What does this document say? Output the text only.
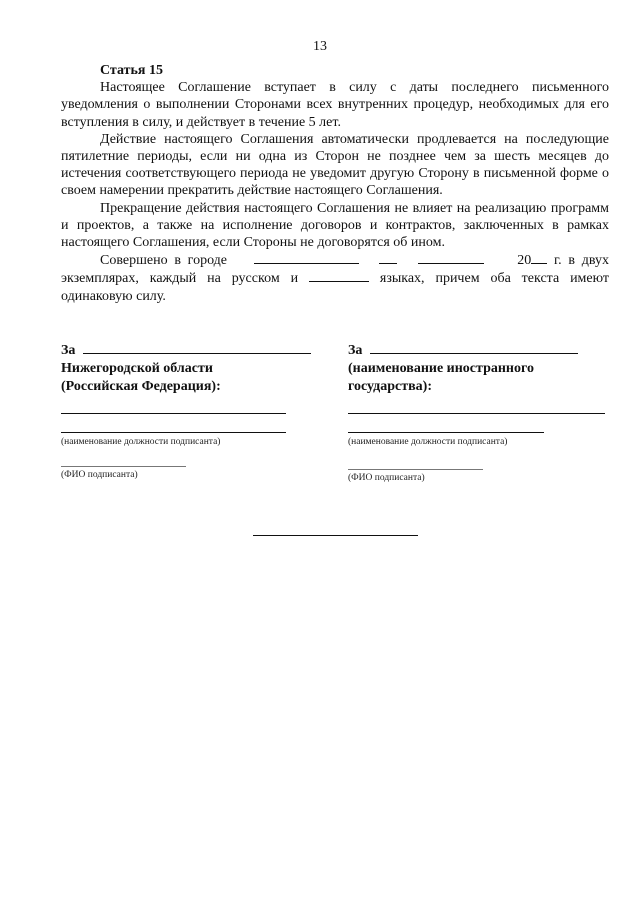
13
Статья 15
Настоящее Соглашение вступает в силу с даты последнего письменного уведомления о выполнении Сторонами всех внутренних процедур, необходимых для его вступления в силу, и действует в течение 5 лет.
Действие настоящего Соглашения автоматически продлевается на последующие пятилетние периоды, если ни одна из Сторон не позднее чем за шесть месяцев до истечения соответствующего периода не уведомит другую Сторону в письменной форме о своем намерении прекратить действие настоящего Соглашения.
Прекращение действия настоящего Соглашения не влияет на реализацию программ и проектов, а также на исполнение договоров и контрактов, заключенных в рамках настоящего Соглашения, если Стороны не договорятся об ином.
Совершено в городе	20 г. в двух экземплярах, каждый на русском и	языках, причем оба текста имеют одинаковую силу.
За
Нижегородской области
(Российская Федерация):
За
(наименование иностранного
государства):
(наименование должности подписанта)
(ФИО подписанта)
(наименование должности подписанта)
(ФИО подписанта)
